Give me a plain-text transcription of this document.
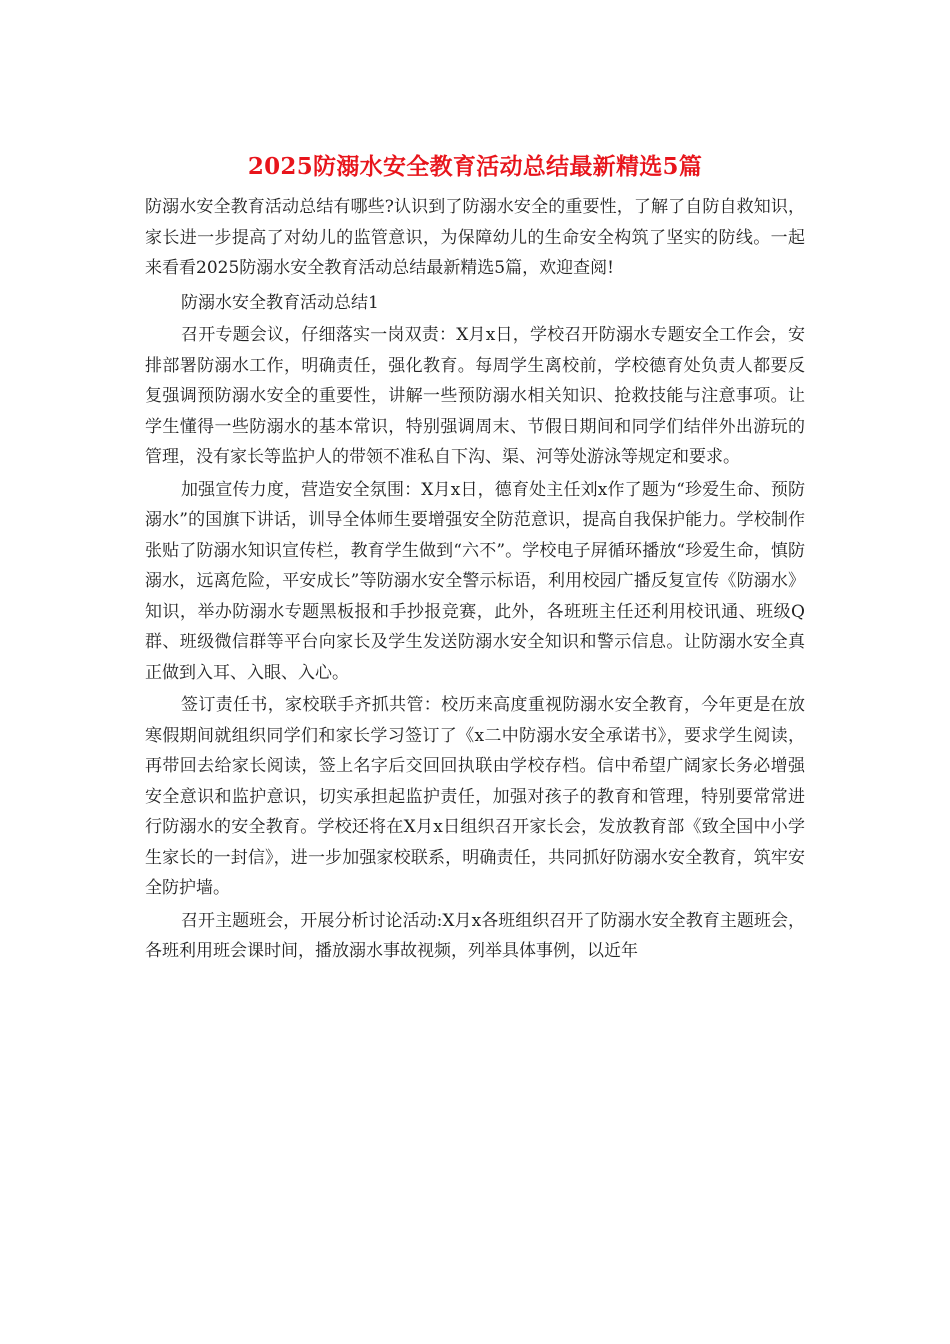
2025防溺水安全教育活动总结最新精选5篇

防溺水安全教育活动总结有哪些?认识到了防溺水安全的重要性，了解了自防自救知识，家长进一步提高了对幼儿的监管意识，为保障幼儿的生命安全构筑了坚实的防线。一起来看看2025防溺水安全教育活动总结最新精选5篇，欢迎查阅!

防溺水安全教育活动总结1

召开专题会议，仔细落实一岗双责：X月x日，学校召开防溺水专题安全工作会，安排部署防溺水工作，明确责任，强化教育。每周学生离校前，学校德育处负责人都要反复强调预防溺水安全的重要性，讲解一些预防溺水相关知识、抢救技能与注意事项。让学生懂得一些防溺水的基本常识，特别强调周末、节假日期间和同学们结伴外出游玩的管理，没有家长等监护人的带领不准私自下沟、渠、河等处游泳等规定和要求。

加强宣传力度，营造安全氛围：X月x日，德育处主任刘x作了题为“珍爱生命、预防溺水”的国旗下讲话，训导全体师生要增强安全防范意识，提高自我保护能力。学校制作张贴了防溺水知识宣传栏，教育学生做到“六不”。学校电子屏循环播放“珍爱生命，慎防溺水，远离危险，平安成长”等防溺水安全警示标语，利用校园广播反复宣传《防溺水》知识，举办防溺水专题黑板报和手抄报竞赛，此外，各班班主任还利用校讯通、班级Q群、班级微信群等平台向家长及学生发送防溺水安全知识和警示信息。让防溺水安全真正做到入耳、入眼、入心。

签订责任书，家校联手齐抓共管：校历来高度重视防溺水安全教育，今年更是在放寒假期间就组织同学们和家长学习签订了《x二中防溺水安全承诺书》，要求学生阅读，再带回去给家长阅读，签上名字后交回回执联由学校存档。信中希望广阔家长务必增强安全意识和监护意识，切实承担起监护责任，加强对孩子的教育和管理，特别要常常进行防溺水的安全教育。学校还将在X月x日组织召开家长会，发放教育部《致全国中小学生家长的一封信》，进一步加强家校联系，明确责任，共同抓好防溺水安全教育，筑牢安全防护墙。

召开主题班会，开展分析讨论活动:X月x各班组织召开了防溺水安全教育主题班会，各班利用班会课时间，播放溺水事故视频，列举具体事例，以近年
